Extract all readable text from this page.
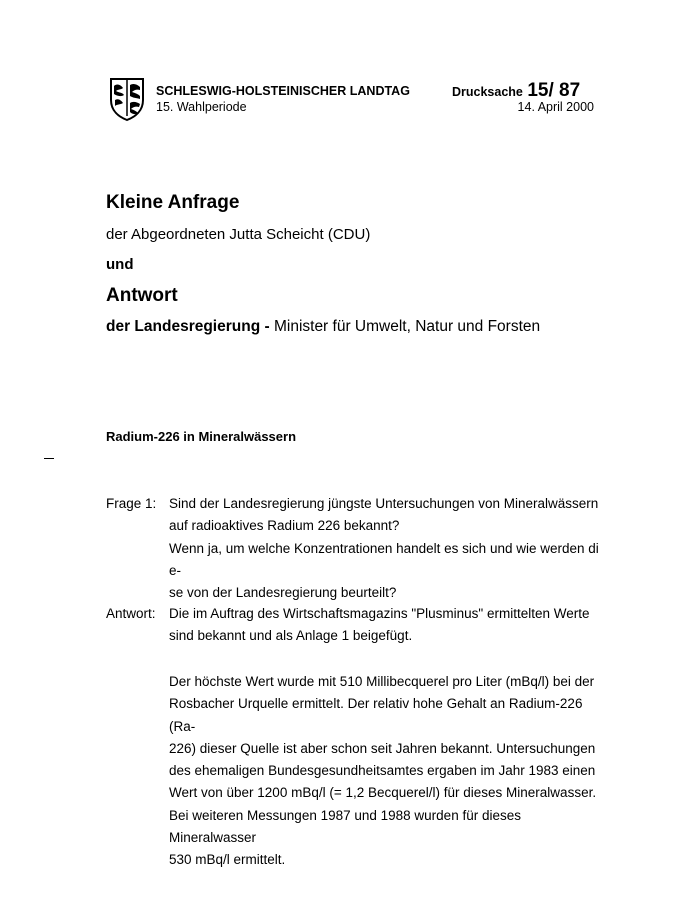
SCHLESWIG-HOLSTEINISCHER LANDTAG
15. Wahlperiode
Drucksache 15/ 87
14. April 2000
Kleine Anfrage
der Abgeordneten Jutta Scheicht (CDU)
und
Antwort
der Landesregierung - Minister für Umwelt, Natur und Forsten
Radium-226 in Mineralwässern
Frage 1: Sind der Landesregierung jüngste Untersuchungen von Mineralwässern

auf radioaktives Radium 226 bekannt?

Wenn ja, um welche Konzentrationen handelt es sich und wie werden di e-

se von der Landesregierung beurteilt?

Antwort: Die im Auftrag des Wirtschaftsmagazins "Plusminus" ermittelten Werte

sind bekannt und als Anlage 1 beigefügt.

Der höchste Wert wurde mit 510 Millibecquerel pro Liter (mBq/l) bei der

Rosbacher Urquelle ermittelt. Der relativ hohe Gehalt an Radium-226 (Ra-

226) dieser Quelle ist aber schon seit Jahren bekannt. Untersuchungen

des ehemaligen Bundesgesundheitsamtes ergaben im Jahr 1983 einen

Wert von über 1200 mBq/l (= 1,2 Becquerel/l) für dieses Mineralwasser.

Bei weiteren Messungen 1987 und 1988 wurden für dieses Mineralwasser

530 mBq/l ermittelt.
